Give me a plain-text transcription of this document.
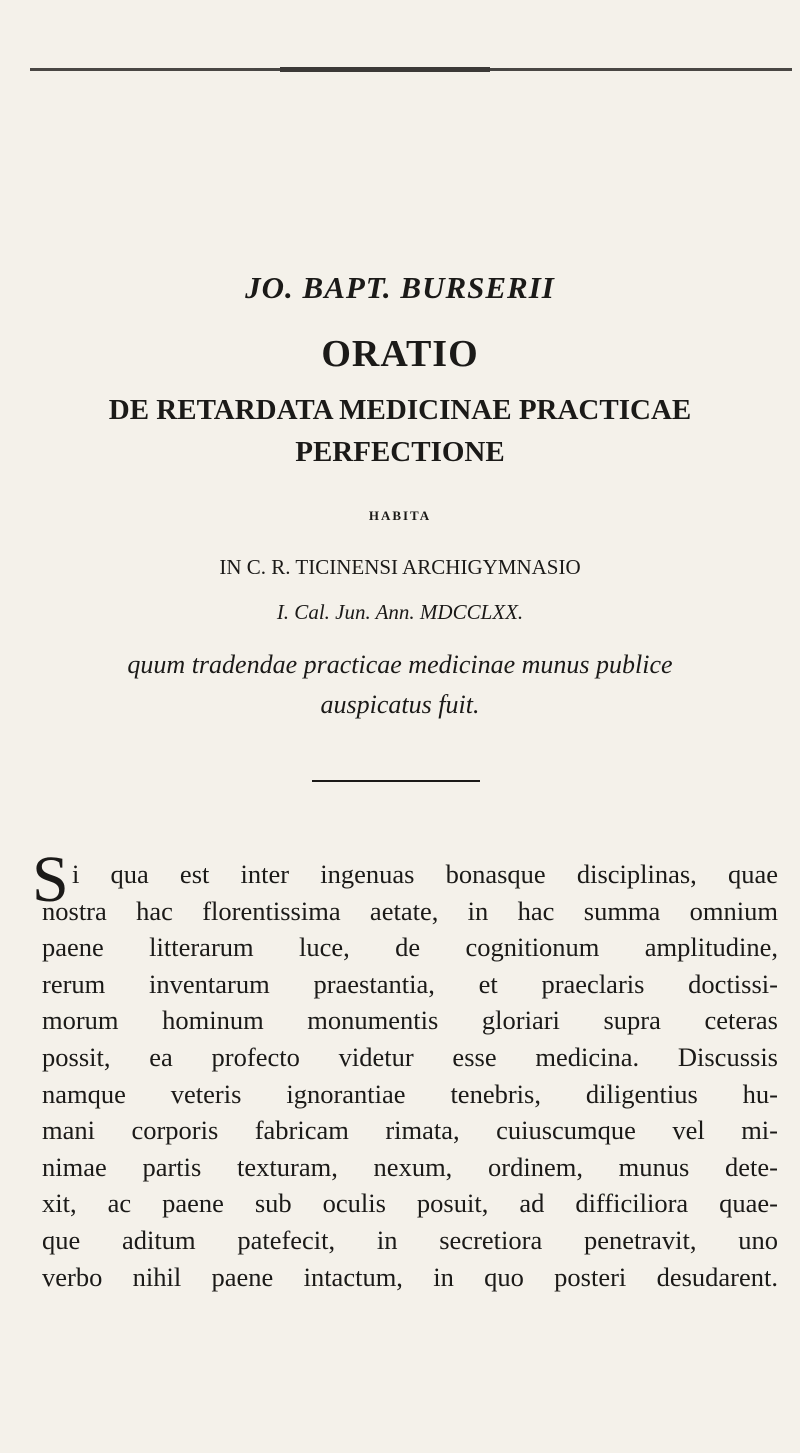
JO. BAPT. BURSERII
ORATIO
DE RETARDATA MEDICINAE PRACTICAE
PERFECTIONE
HABITA
IN C. R. TICINENSI ARCHIGYMNASIO
I. Cal. Jun. Ann. MDCCLXX.
quum tradendae practicae medicinae munus publice
auspicatus fuit.
S i qua est inter ingenuas bonasque disciplinas, quae
nostra hac florentissima aetate, in hac summa omnium
paene litterarum luce, de cognitionum amplitudine,
rerum inventarum praestantia, et praeclaris doctissi-
morum hominum monumentis gloriari supra ceteras
possit, ea profecto videtur esse medicina. Discussis
namque veteris ignorantiae tenebris, diligentius hu-
mani corporis fabricam rimata, cuiuscumque vel mi-
nimae partis texturam, nexum, ordinem, munus dete-
xit, ac paene sub oculis posuit, ad difficiliora quae-
que aditum patefecit, in secretiora penetravit, uno
verbo nihil paene intactum, in quo posteri desudarent.
